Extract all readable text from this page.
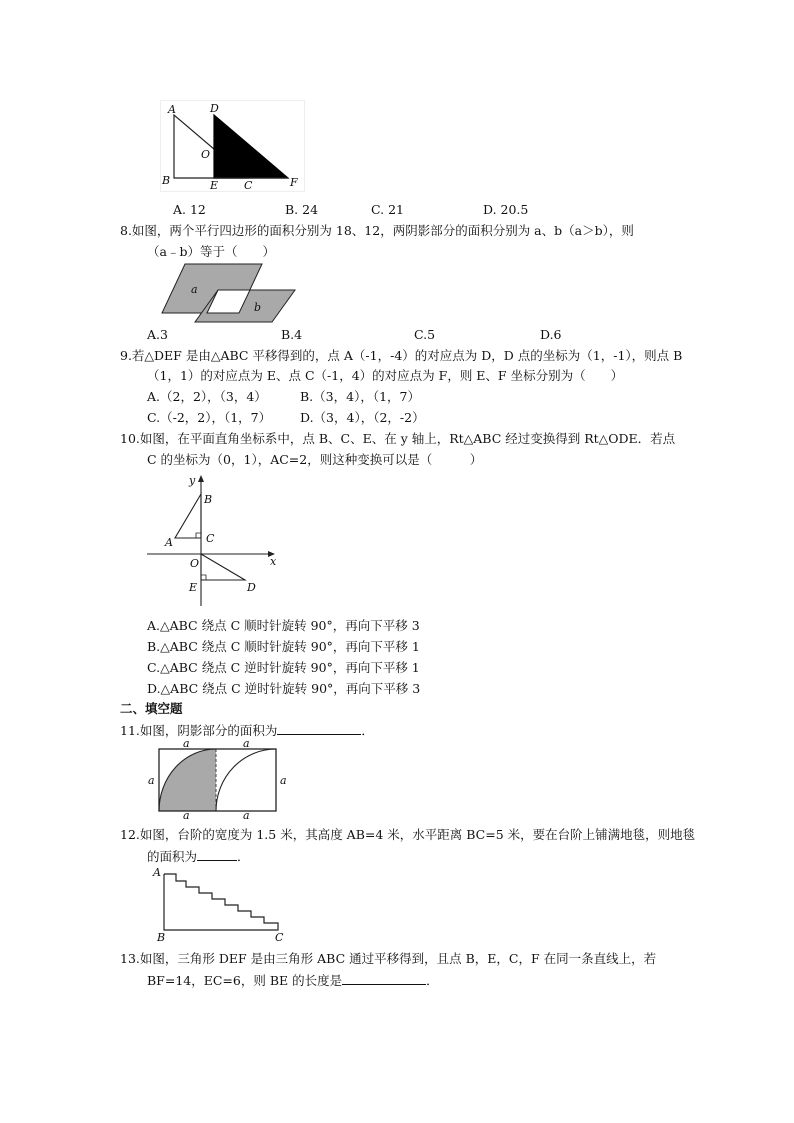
A	D
O
B	E C	F
A. 12	B. 24	C. 21	D. 20.5
8.如图，两个平行四边形的面积分别为 18、12，两阴影部分的面积分别为 a、b（a＞b），则
（a﹣b）等于（　　）
a
b
A.3	B.4	C.5	D.6
9.若△DEF 是由△ABC 平移得到的，点 A（-1，-4）的对应点为 D，D 点的坐标为（1，-1），则点 B
（1，1）的对应点为 E、点 C（-1，4）的对应点为 F，则 E、F 坐标分别为（　　）
A.（2，2），（3，4）	B.（3，4），（1，7）
C.（-2，2），（1，7） D.（3，4），（2，-2）
10.如图，在平面直角坐标系中，点 B、C、E、在 y 轴上，Rt△ABC 经过变换得到 Rt△ODE．若点
C 的坐标为（0，1），AC=2，则这种变换可以是（　　　）
y
B
C
A
O	x
E	D
A.△ABC 绕点 C 顺时针旋转 90°，再向下平移 3
B.△ABC 绕点 C 顺时针旋转 90°，再向下平移 1
C.△ABC 绕点 C 逆时针旋转 90°，再向下平移 1
D.△ABC 绕点 C 逆时针旋转 90°，再向下平移 3
二、填空题
11.如图，阴影部分的面积为	．
a	a
a	a
a	a
12.如图，台阶的宽度为 1.5 米，其高度 AB=4 米，水平距离 BC=5 米，要在台阶上铺满地毯，则地毯
的面积为	．
A
B	C
13.如图，三角形 DEF 是由三角形 ABC 通过平移得到，且点 B，E，C，F 在同一条直线上，若
BF=14，EC=6，则 BE 的长度是	．
